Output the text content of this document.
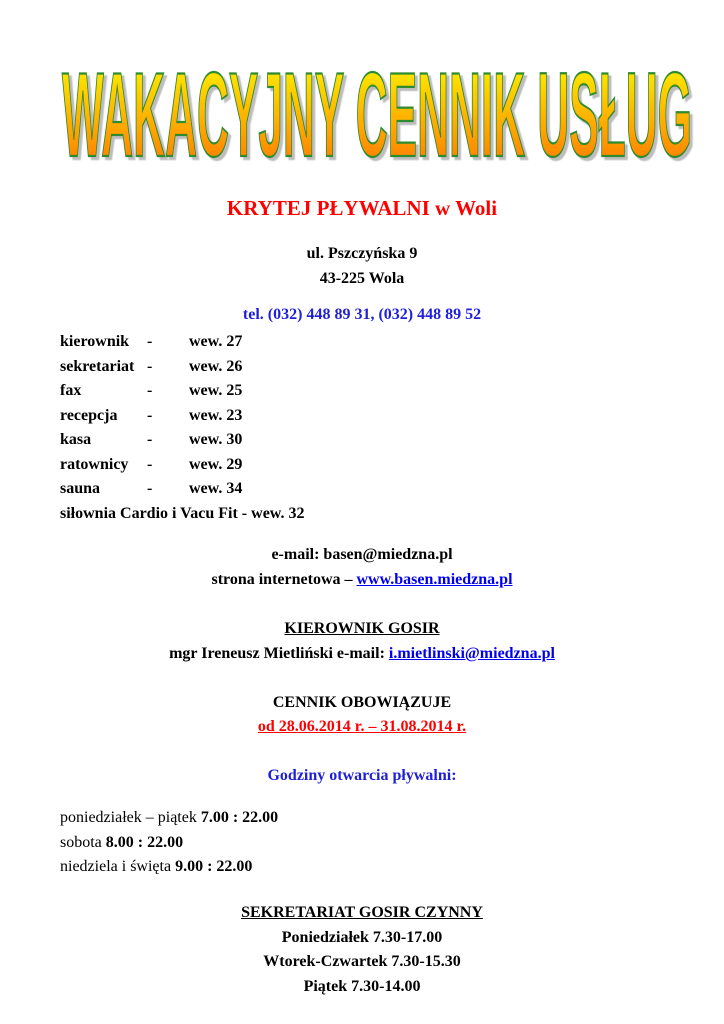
WAKACYJNY CENNIK USŁUG
KRYTEJ PŁYWALNI w Woli
ul. Pszczyńska 9
43-225 Wola
tel. (032) 448 89 31, (032) 448 89 52
kierownik - wew. 27
sekretariat - wew. 26
fax	- wew. 25
recepcja - wew. 23
kasa	- wew. 30
ratownicy - wew. 29
sauna	- wew. 34
siłownia Cardio i Vacu Fit - wew. 32
e-mail: basen@miedzna.pl
strona internetowa – www.basen.miedzna.pl
KIEROWNIK GOSIR
mgr Ireneusz Mietliński e-mail: i.mietlinski@miedzna.pl
CENNIK OBOWIĄZUJE
od 28.06.2014 r. – 31.08.2014 r.
Godziny otwarcia pływalni:
poniedziałek – piątek 7.00 : 22.00
sobota 8.00 : 22.00
niedziela i święta 9.00 : 22.00
SEKRETARIAT GOSIR CZYNNY
Poniedziałek 7.30-17.00
Wtorek-Czwartek 7.30-15.30
Piątek 7.30-14.00
